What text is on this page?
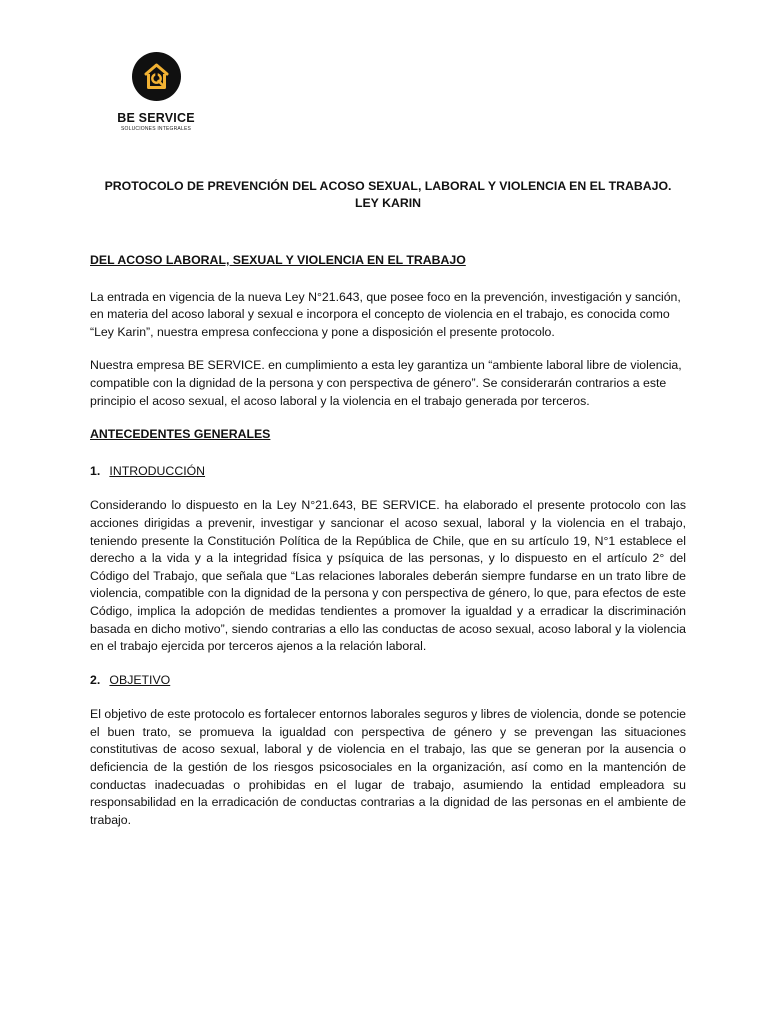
BE SERVICE
SOLUCIONES INTEGRALES
PROTOCOLO DE PREVENCIÓN DEL ACOSO SEXUAL, LABORAL Y VIOLENCIA EN EL TRABAJO.
LEY KARIN
DEL ACOSO LABORAL, SEXUAL Y VIOLENCIA EN EL TRABAJO

La entrada en vigencia de la nueva Ley N°21.643, que posee foco en la prevención, investigación y sanción, en materia del acoso laboral y sexual e incorpora el concepto de violencia en el trabajo, es conocida como “Ley Karin”, nuestra empresa confecciona y pone a disposición el presente protocolo.

Nuestra empresa BE SERVICE. en cumplimiento a esta ley garantiza un “ambiente laboral libre de violencia, compatible con la dignidad de la persona y con perspectiva de género”. Se considerarán contrarios a este principio el acoso sexual, el acoso laboral y la violencia en el trabajo generada por terceros.

ANTECEDENTES GENERALES
1. INTRODUCCIÓN

Considerando lo dispuesto en la Ley N°21.643, BE SERVICE. ha elaborado el presente protocolo con las acciones dirigidas a prevenir, investigar y sancionar el acoso sexual, laboral y la violencia en el trabajo, teniendo presente la Constitución Política de la República de Chile, que en su artículo 19, N°1 establece el derecho a la vida y a la integridad física y psíquica de las personas, y lo dispuesto en el artículo 2° del Código del Trabajo, que señala que “Las relaciones laborales deberán siempre fundarse en un trato libre de violencia, compatible con la dignidad de la persona y con perspectiva de género, lo que, para efectos de este Código, implica la adopción de medidas tendientes a promover la igualdad y a erradicar la discriminación basada en dicho motivo”, siendo contrarias a ello las conductas de acoso sexual, acoso laboral y la violencia en el trabajo ejercida por terceros ajenos a la relación laboral.

2. OBJETIVO

El objetivo de este protocolo es fortalecer entornos laborales seguros y libres de violencia, donde se potencie el buen trato, se promueva la igualdad con perspectiva de género y se prevengan las situaciones constitutivas de acoso sexual, laboral y de violencia en el trabajo, las que se generan por la ausencia o deficiencia de la gestión de los riesgos psicosociales en la organización, así como en la mantención de conductas inadecuadas o prohibidas en el lugar de trabajo, asumiendo la entidad empleadora su responsabilidad en la erradicación de conductas contrarias a la dignidad de las personas en el ambiente de trabajo.
